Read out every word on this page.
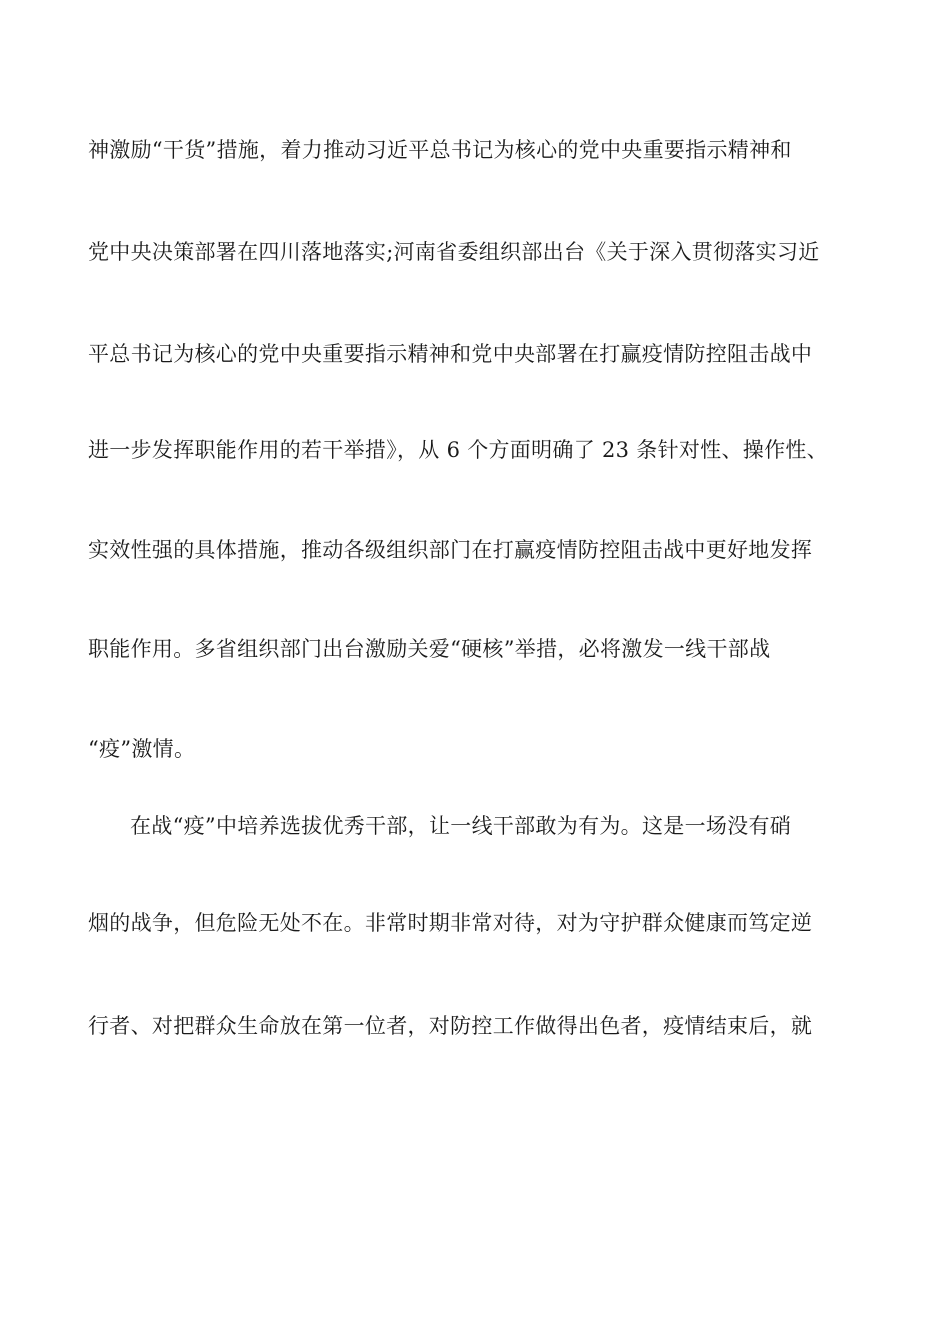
神激励“干货”措施，着力推动习近平总书记为核心的党中央重要指示精神和
党中央决策部署在四川落地落实;河南省委组织部出台《关于深入贯彻落实习近
平总书记为核心的党中央重要指示精神和党中央部署在打赢疫情防控阻击战中
进一步发挥职能作用的若干举措》，从 6 个方面明确了 23 条针对性、操作性、
实效性强的具体措施，推动各级组织部门在打赢疫情防控阻击战中更好地发挥
职能作用。多省组织部门出台激励关爱“硬核”举措，必将激发一线干部战
“疫”激情。
在战“疫”中培养选拔优秀干部，让一线干部敢为有为。这是一场没有硝
烟的战争，但危险无处不在。非常时期非常对待，对为守护群众健康而笃定逆
行者、对把群众生命放在第一位者，对防控工作做得出色者，疫情结束后，就
